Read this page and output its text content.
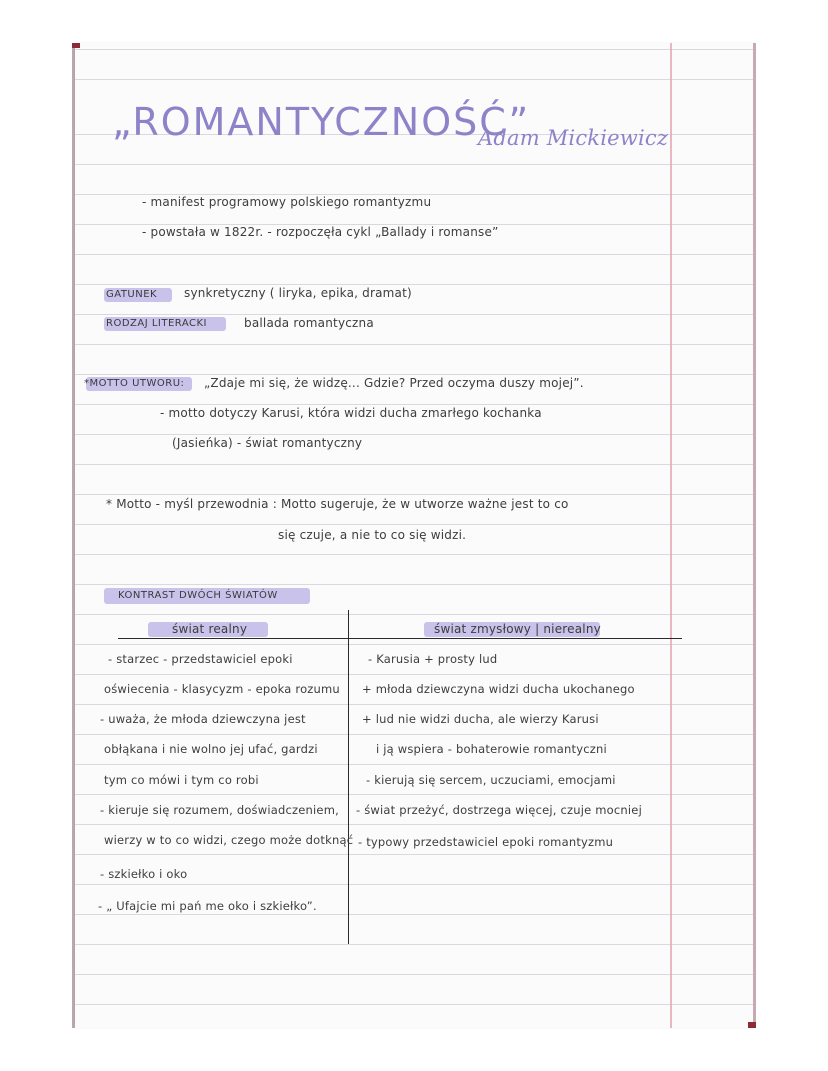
„ROMANTYCZNOŚĆ”
Adam Mickiewicz
- manifest programowy polskiego romantyzmu
- powstała w 1822r. - rozpoczęła cykl „Ballady i romanse”
GATUNEK synkretyczny ( liryka, epika, dramat)
RODZAJ LITERACKI	ballada romantyczna
*MOTTO UTWORU: „Zdaje mi się, że widzę... Gdzie? Przed oczyma duszy mojej”.
- motto dotyczy Karusi, która widzi ducha zmarłego kochanka
(Jasieńka) - świat romantyczny
* Motto - myśl przewodnia : Motto sugeruje, że w utworze ważne jest to co
się czuje, a nie to co się widzi.
KONTRAST DWÓCH ŚWIATÓW
świat realny	świat zmysłowy | nierealny
- starzec - przedstawiciel epoki
oświecenia - klasycyzm - epoka rozumu
- uważa, że młoda dziewczyna jest
obłąkana i nie wolno jej ufać, gardzi
tym co mówi i tym co robi
- kieruje się rozumem, doświadczeniem,
wierzy w to co widzi, czego może dotknąć
- szkiełko i oko
- „ Ufajcie mi pań me oko i szkiełko”.
- Karusia + prosty lud
+ młoda dziewczyna widzi ducha ukochanego
+ lud nie widzi ducha, ale wierzy Karusi
i ją wspiera - bohaterowie romantyczni
- kierują się sercem, uczuciami, emocjami
- świat przeżyć, dostrzega więcej, czuje mocniej
- typowy przedstawiciel epoki romantyzmu
